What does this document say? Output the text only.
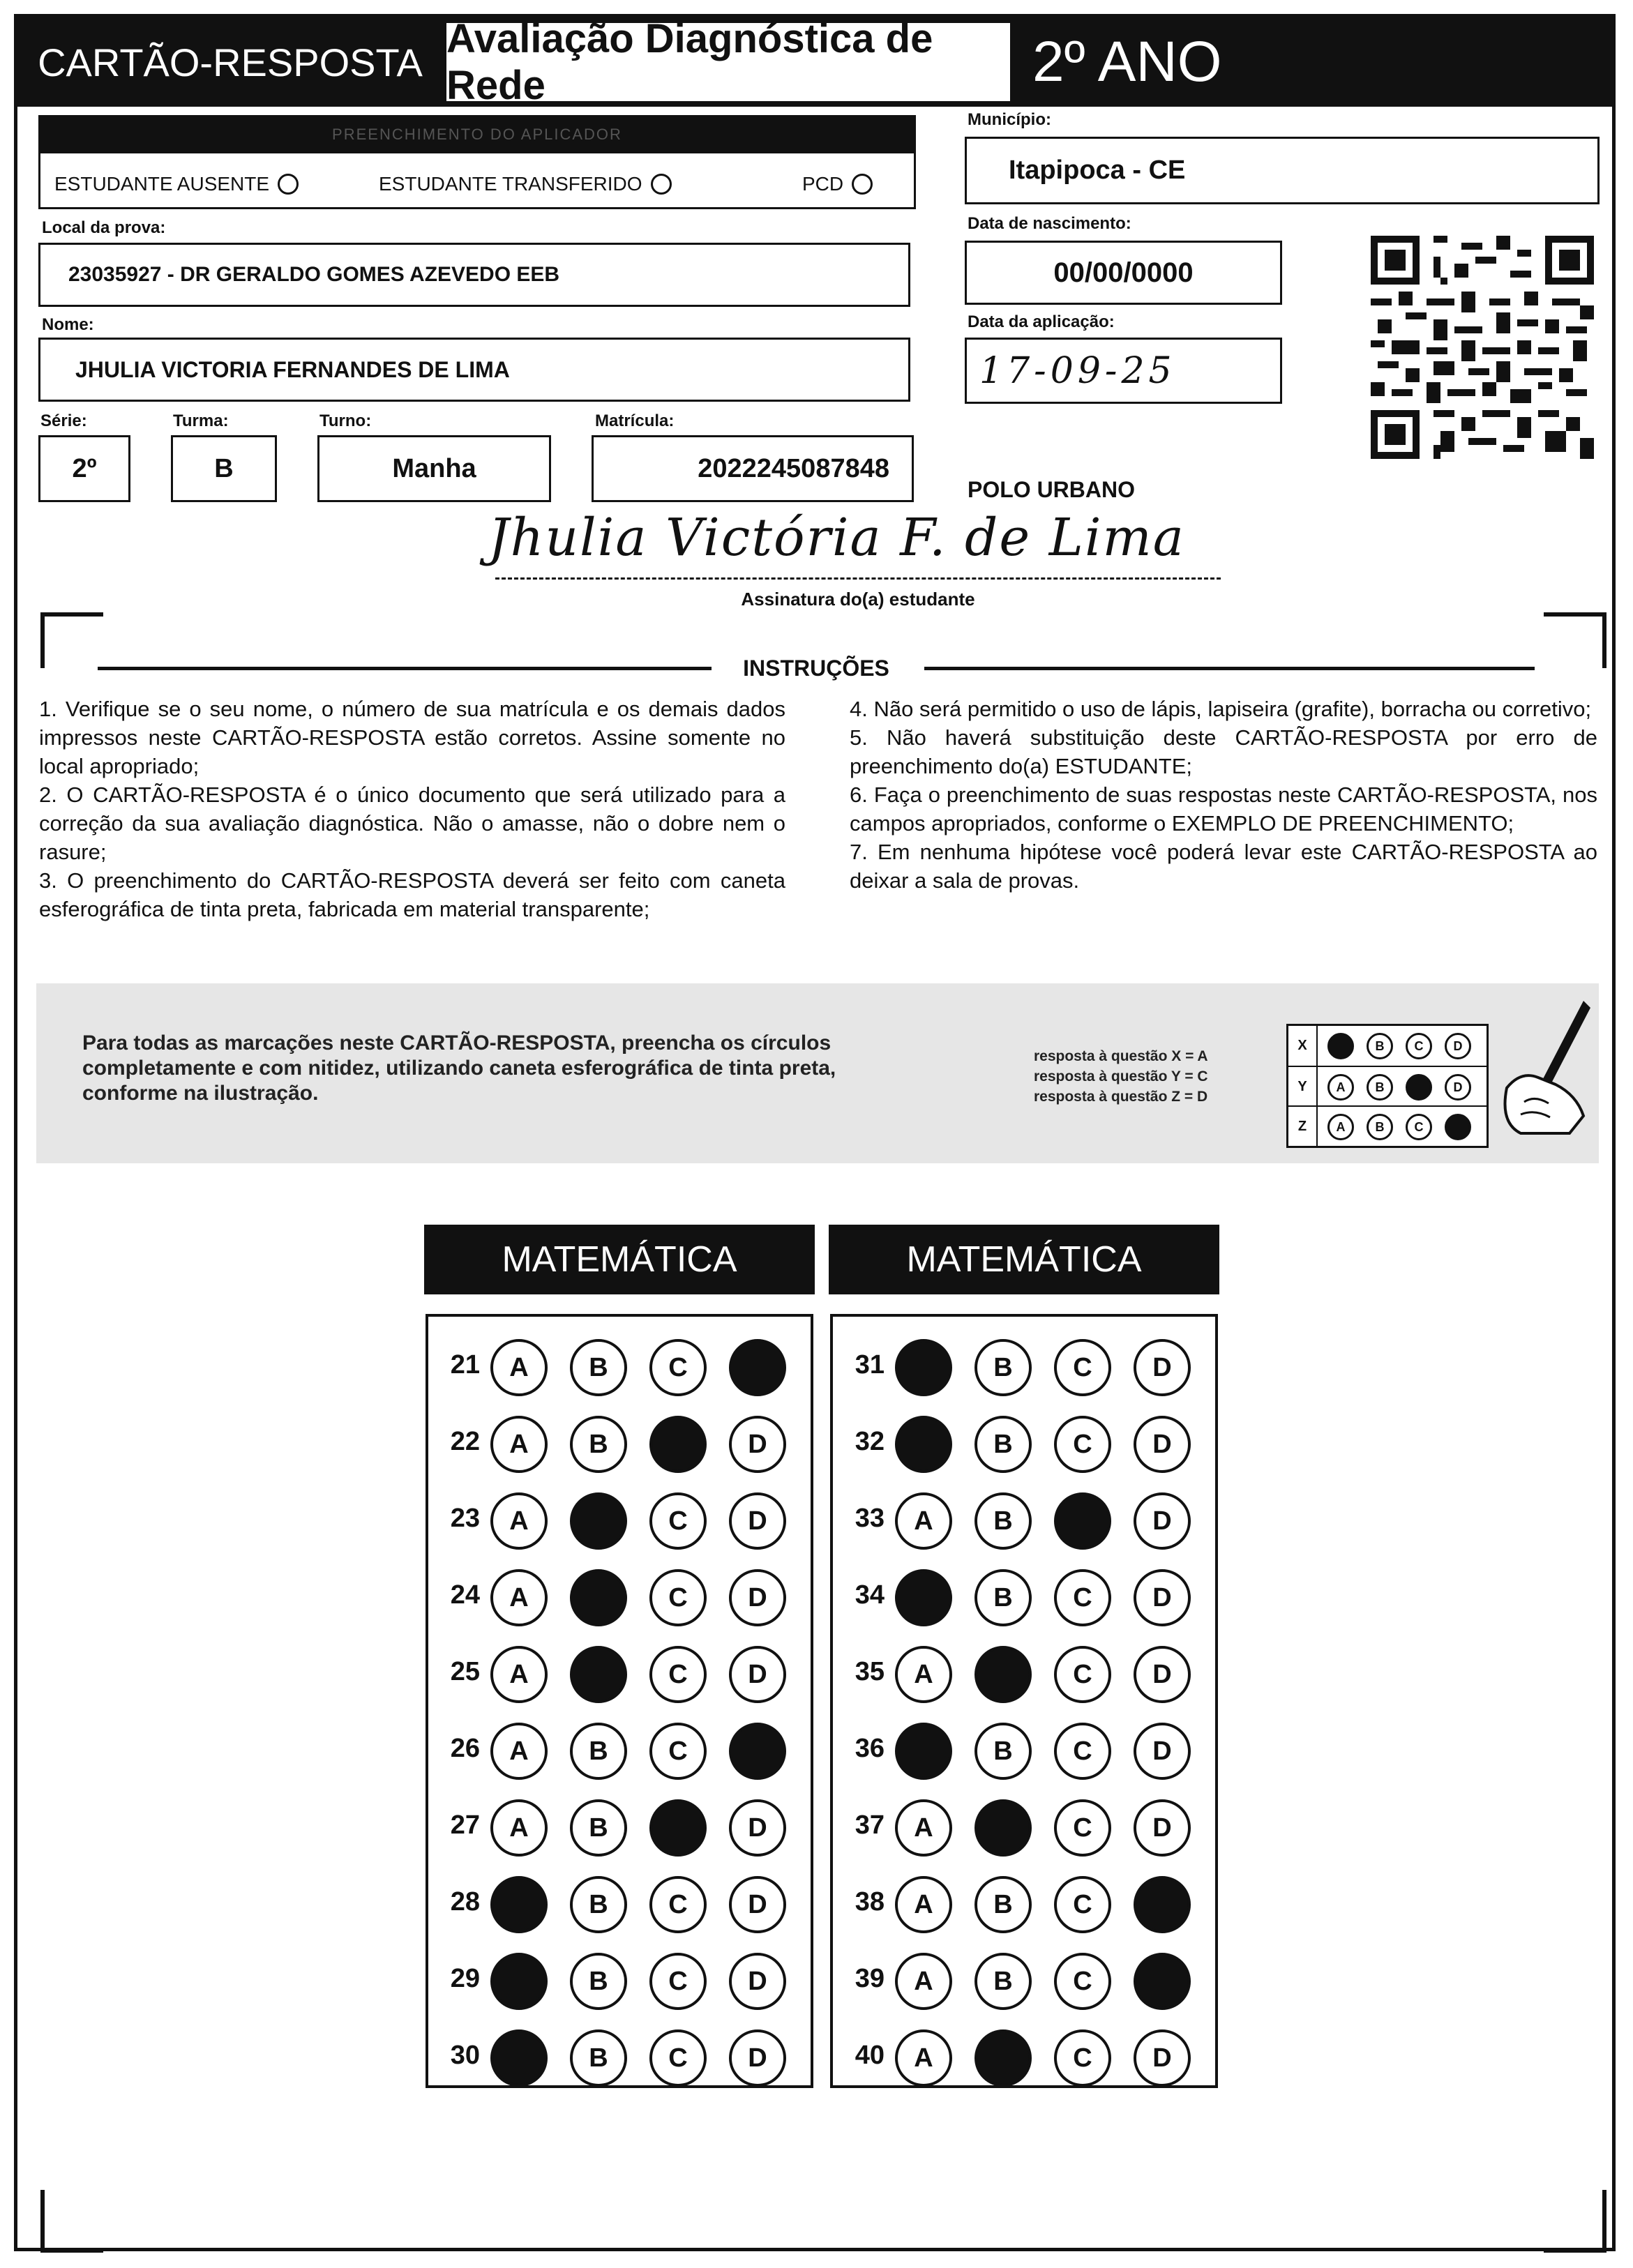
CARTÃO-RESPOSTA
Avaliação Diagnóstica de Rede	2º ANO
PREENCHIMENTO DO APLICADOR
ESTUDANTE AUSENTE	ESTUDANTE TRANSFERIDO	PCD
Município:
Itapipoca - CE
Local da prova:
23035927 - DR GERALDO GOMES AZEVEDO EEB
Nome:
JHULIA VICTORIA FERNANDES DE LIMA
Data de nascimento:
00/00/0000
Data da aplicação:
17-09-25
Série:
2º
Turma:
B
Turno:
Manha
Matrícula:
2022245087848
POLO URBANO
Jhulia Victória F. de Lima
Assinatura do(a) estudante
INSTRUÇÕES
1. Verifique se o seu nome, o número de sua matrícula e os demais dados impressos neste CARTÃO-RESPOSTA estão corretos. Assine somente no local apropriado;
2. O CARTÃO-RESPOSTA é o único documento que será utilizado para a correção da sua avaliação diagnóstica. Não o amasse, não o dobre nem o rasure;
3. O preenchimento do CARTÃO-RESPOSTA deverá ser feito com caneta esferográfica de tinta preta, fabricada em material transparente;
4. Não será permitido o uso de lápis, lapiseira (grafite), borracha ou corretivo;
5. Não haverá substituição deste CARTÃO-RESPOSTA por erro de preenchimento do(a) ESTUDANTE;
6. Faça o preenchimento de suas respostas neste CARTÃO-RESPOSTA, nos campos apropriados, conforme o EXEMPLO DE PREENCHIMENTO;
7. Em nenhuma hipótese você poderá levar este CARTÃO-RESPOSTA ao deixar a sala de provas.
Para todas as marcações neste CARTÃO-RESPOSTA, preencha os círculos completamente e com nitidez, utilizando caneta esferográfica de tinta preta, conforme na ilustração.
resposta à questão X = A
resposta à questão Y = C
resposta à questão Z = D
X	B	C	D
Y	A	B	D
Z	A	B	C
MATEMÁTICA
21	A	B	C
22	A	B	D
23	A	C	D
24	A	C	D
25	A	C	D
26	A	B	C
27	A	B	D
28	B	C	D
29	B	C	D
30	B	C	D
MATEMÁTICA
31	B	C	D
32	B	C	D
33	A	B	D
34	B	C	D
35	A	C	D
36	B	C	D
37	A	C	D
38	A	B	C
39	A	B	C
40	A	C	D
